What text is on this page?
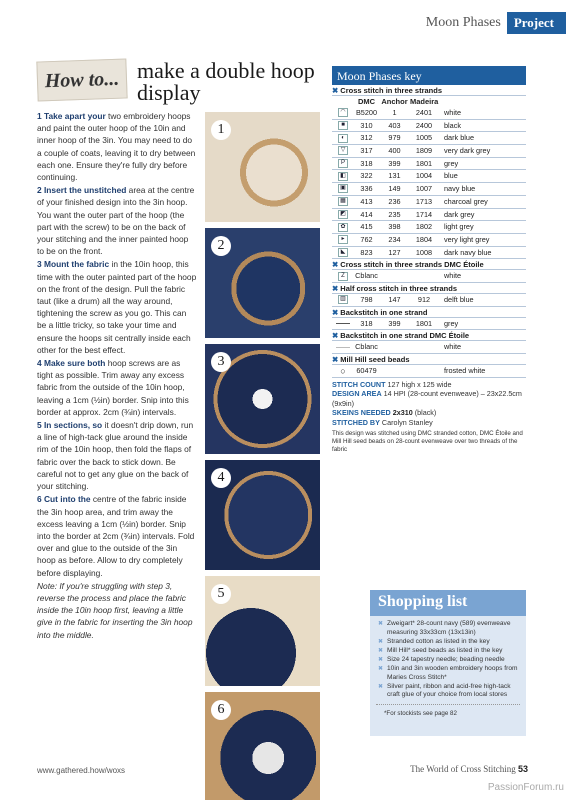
Moon Phases	Project
How to... make a double hoop display

1 Take apart your two embroidery hoops and paint the outer hoop of the 10in and inner hoop of the 3in. You may need to do a couple of coats, leaving it to dry between each one. Ensure they're fully dry before continuing.

2 Insert the unstitched area at the centre of your finished design into the 3in hoop. You want the outer part of the hoop (the part with the screw) to be on the back of your stitching and the inner painted hoop to be on the front.

3 Mount the fabric in the 10in hoop, this time with the outer painted part of the hoop on the front of the design. Pull the fabric taut (like a drum) all the way around, tightening the screw as you go. This can be a little tricky, so take your time and ensure the hoops sit centrally inside each other for the best effect.

4 Make sure both hoop screws are as tight as possible. Trim away any excess fabric from the outside of the 10in hoop, leaving a 1cm (½in) border. Snip into this border at approx. 2cm (¾in) intervals.

5 In sections, so it doesn't drip down, run a line of high-tack glue around the inside rim of the 10in hoop, then fold the flaps of fabric over the back to stick down. Be careful not to get any glue on the back of your stitching.

6 Cut into the centre of the fabric inside the 3in hoop area, and trim away the excess leaving a 1cm (½in) border. Snip into the border at 2cm (¾in) intervals. Fold over and glue to the outside of the 3in hoop as before. Allow to dry completely before displaying.

Note: If you're struggling with step 3, reverse the process and place the fabric inside the 10in hoop first, leaving a little give in the fabric for inserting the 3in hoop into the middle.

1
2
3
4
5
6
Moon Phases key
✖ Cross stitch in three strands
DMC Anchor Madeira
◠	B5200	1	2401	white
■	310	403	2400	black
◐	312	979	1005	dark blue
▽	317	400	1809	very dark grey
P	318	399	1801	grey
◧	322	131	1004	blue
▣	336	149	1007	navy blue
▦	413	236	1713	charcoal grey
◩	414	235	1714	dark grey
✿	415	398	1802	light grey
▸	762	234	1804	very light grey
◣	823	127	1008	dark navy blue
✖ Cross stitch in three strands DMC Étoile
Z	Cblanc	white
✖ Half cross stitch in three strands
▥	798	147	912	delft blue
✖ Backstitch in one strand
318	399	1801	grey
✖ Backstitch in one strand DMC Étoile
Cblanc	white
✖ Mill Hill seed beads
○	60479	frosted white
STITCH COUNT 127 high x 125 wide
DESIGN AREA 14 HPI (28-count evenweave) – 23x22.5cm (9x9in)
SKEINS NEEDED 2x310 (black)
STITCHED BY Carolyn Stanley
This design was stitched using DMC stranded cotton, DMC Étoile and Mill Hill seed beads on 28-count evenweave over two threads of the fabric
Shopping list
✖ Zweigart* 28-count navy (589) evenweave measuring 33x33cm (13x13in)
✖ Stranded cotton as listed in the key
✖ Mill Hill* seed beads as listed in the key
✖ Size 24 tapestry needle; beading needle
✖ 10in and 3in wooden embroidery hoops from Maries Cross Stitch*
✖ Silver paint, ribbon and acid-free high-tack craft glue of your choice from local stores
*For stockists see page 82
www.gathered.how/woxs	The World of Cross Stitching 53
PassionForum.ru
